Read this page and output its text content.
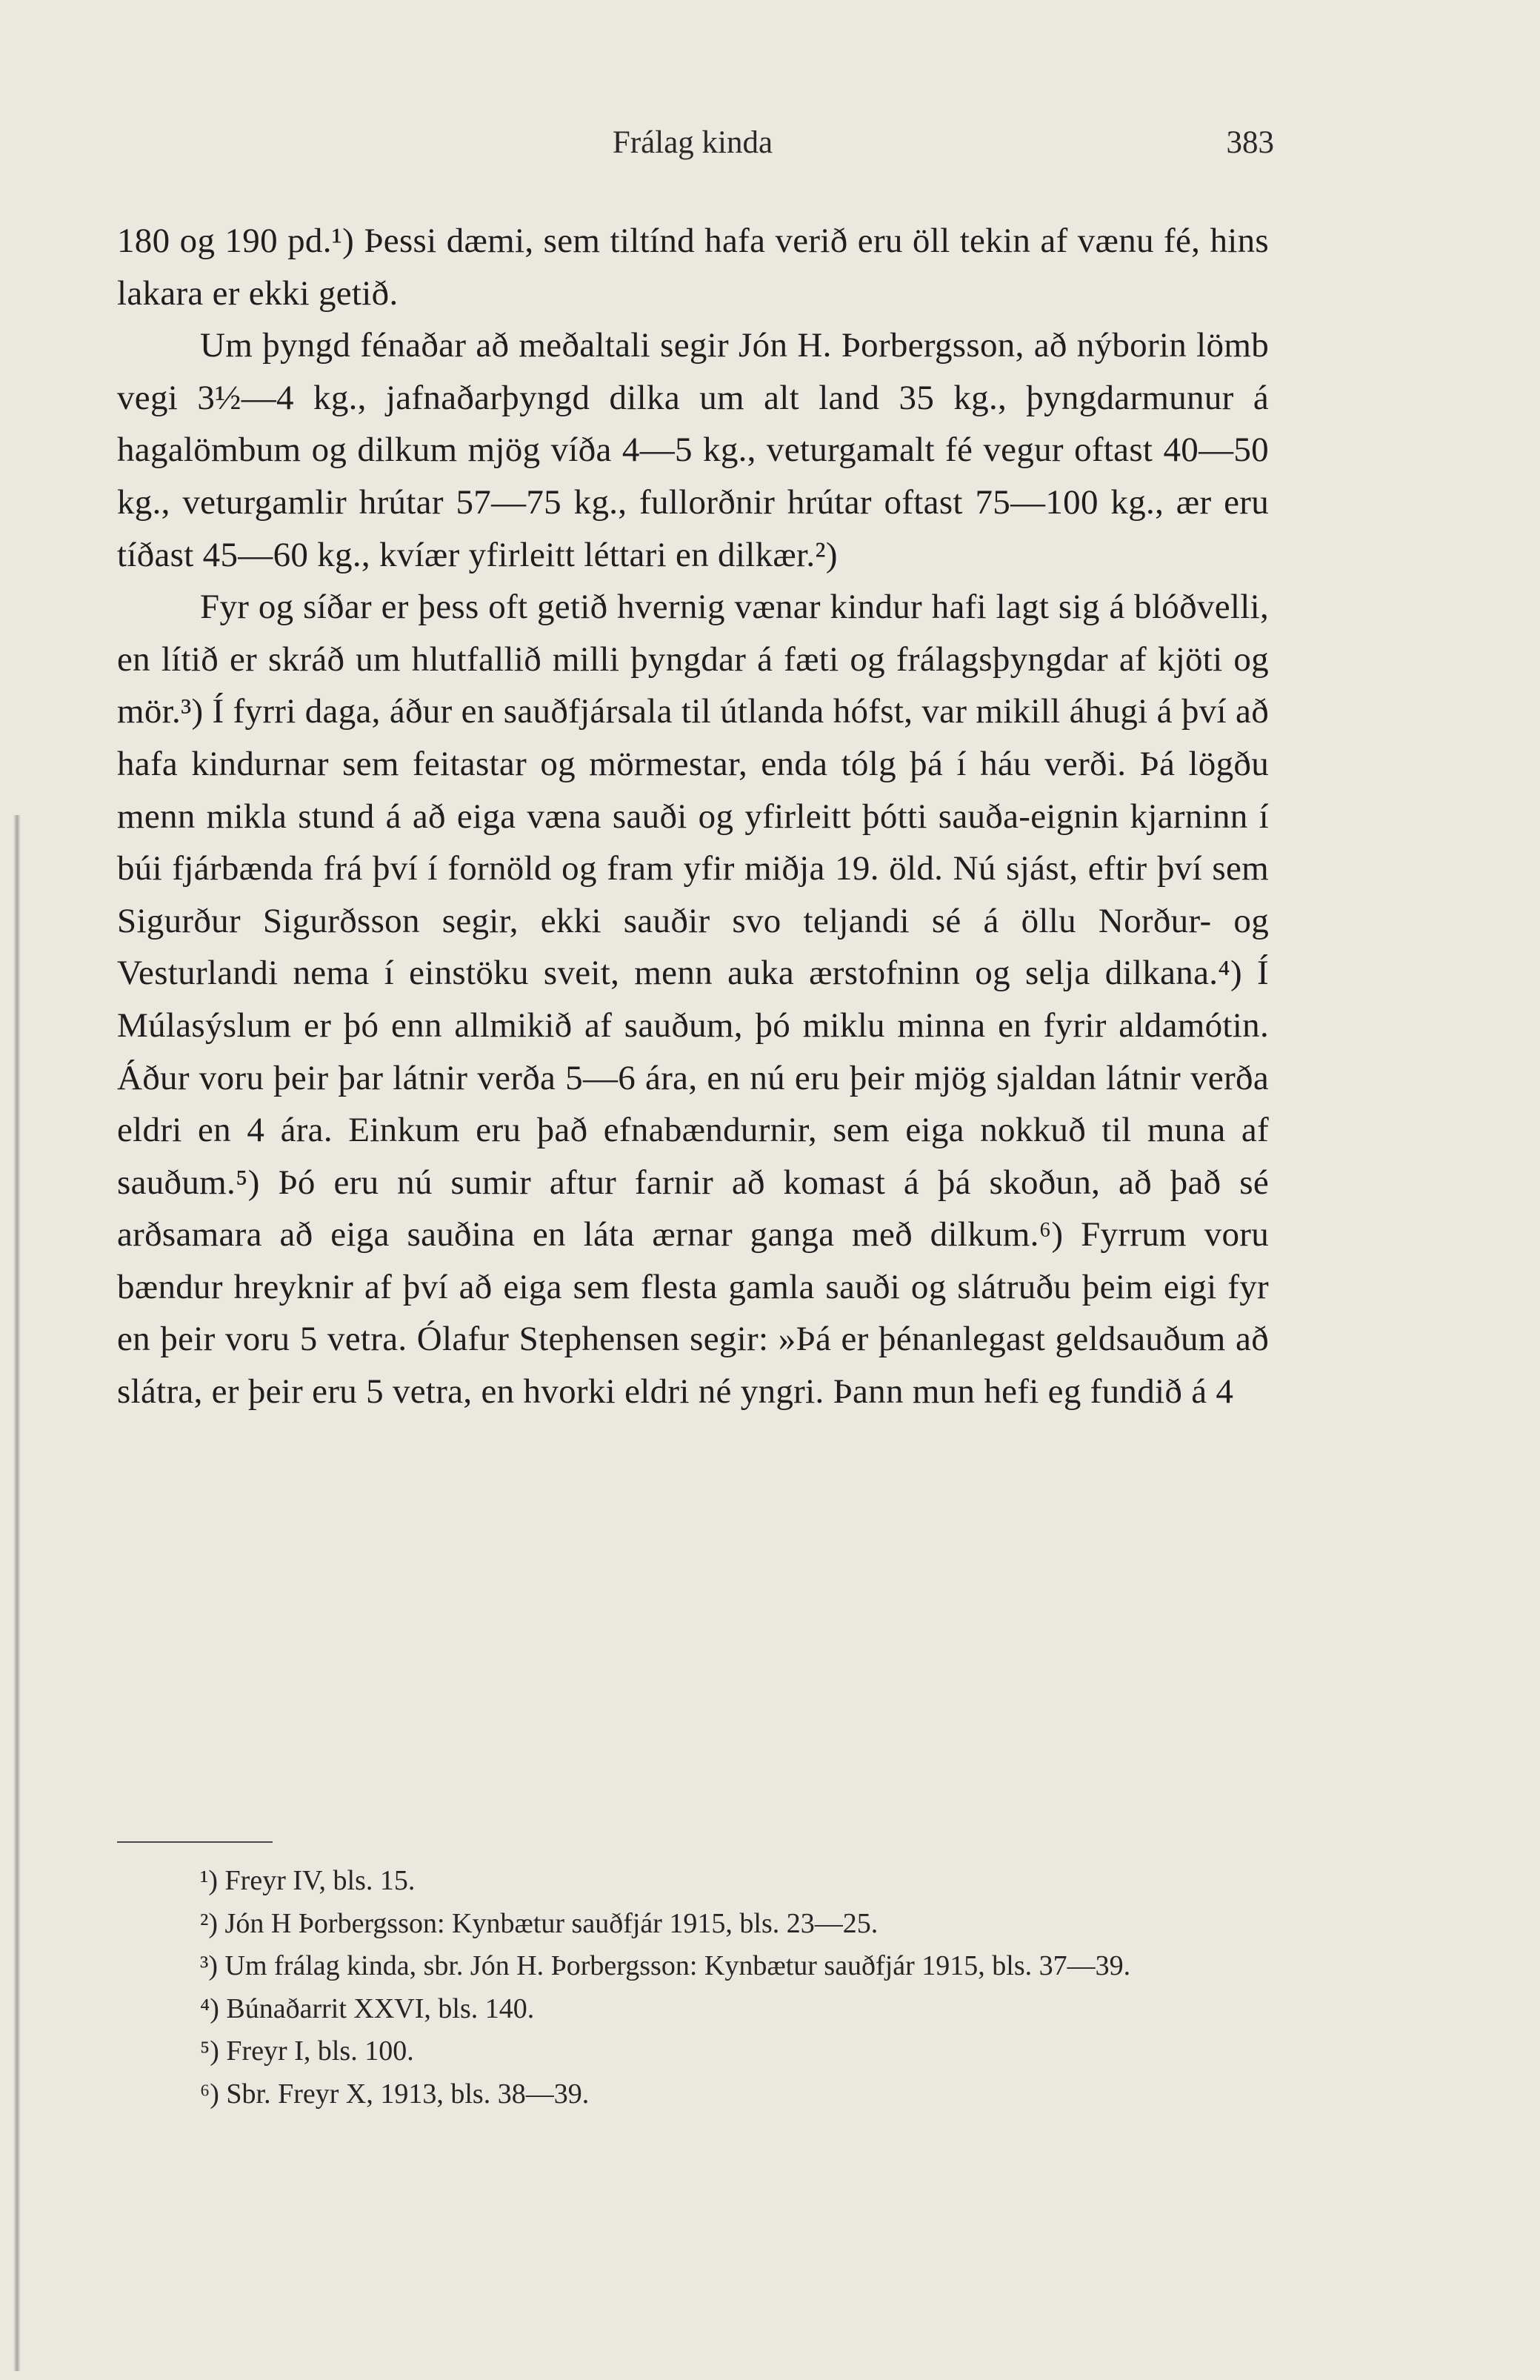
Frálag kinda	383

180 og 190 pd.¹) Þessi dæmi, sem tiltínd hafa verið eru öll tekin af vænu fé, hins lakara er ekki getið.

Um þyngd fénaðar að meðaltali segir Jón H. Þorbergsson, að nýborin lömb vegi 3½—4 kg., jafnaðarþyngd dilka um alt land 35 kg., þyngdarmunur á hagalömbum og dilkum mjög víða 4—5 kg., veturgamalt fé vegur oftast 40—50 kg., veturgamlir hrútar 57—75 kg., fullorðnir hrútar oftast 75—100 kg., ær eru tíðast 45—60 kg., kvíær yfirleitt léttari en dilkær.²)

Fyr og síðar er þess oft getið hvernig vænar kindur hafi lagt sig á blóðvelli, en lítið er skráð um hlutfallið milli þyngdar á fæti og frálagsþyngdar af kjöti og mör.³) Í fyrri daga, áður en sauðfjársala til útlanda hófst, var mikill áhugi á því að hafa kindurnar sem feitastar og mörmestar, enda tólg þá í háu verði. Þá lögðu menn mikla stund á að eiga væna sauði og yfirleitt þótti sauða-eignin kjarninn í búi fjárbænda frá því í fornöld og fram yfir miðja 19. öld. Nú sjást, eftir því sem Sigurður Sigurðsson segir, ekki sauðir svo teljandi sé á öllu Norður- og Vesturlandi nema í einstöku sveit, menn auka ærstofninn og selja dilkana.⁴) Í Múlasýslum er þó enn allmikið af sauðum, þó miklu minna en fyrir aldamótin. Áður voru þeir þar látnir verða 5—6 ára, en nú eru þeir mjög sjaldan látnir verða eldri en 4 ára. Einkum eru það efnabændurnir, sem eiga nokkuð til muna af sauðum.⁵) Þó eru nú sumir aftur farnir að komast á þá skoðun, að það sé arðsamara að eiga sauðina en láta ærnar ganga með dilkum.⁶) Fyrrum voru bændur hreyknir af því að eiga sem flesta gamla sauði og slátruðu þeim eigi fyr en þeir voru 5 vetra. Ólafur Stephensen segir: »Þá er þénanlegast geldsauðum að slátra, er þeir eru 5 vetra, en hvorki eldri né yngri. Þann mun hefi eg fundið á 4

¹) Freyr IV, bls. 15.

²) Jón H Þorbergsson: Kynbætur sauðfjár 1915, bls. 23—25.

³) Um frálag kinda, sbr. Jón H. Þorbergsson: Kynbætur sauðfjár 1915, bls. 37—39.

⁴) Búnaðarrit XXVI, bls. 140.

⁵) Freyr I, bls. 100.

⁶) Sbr. Freyr X, 1913, bls. 38—39.
